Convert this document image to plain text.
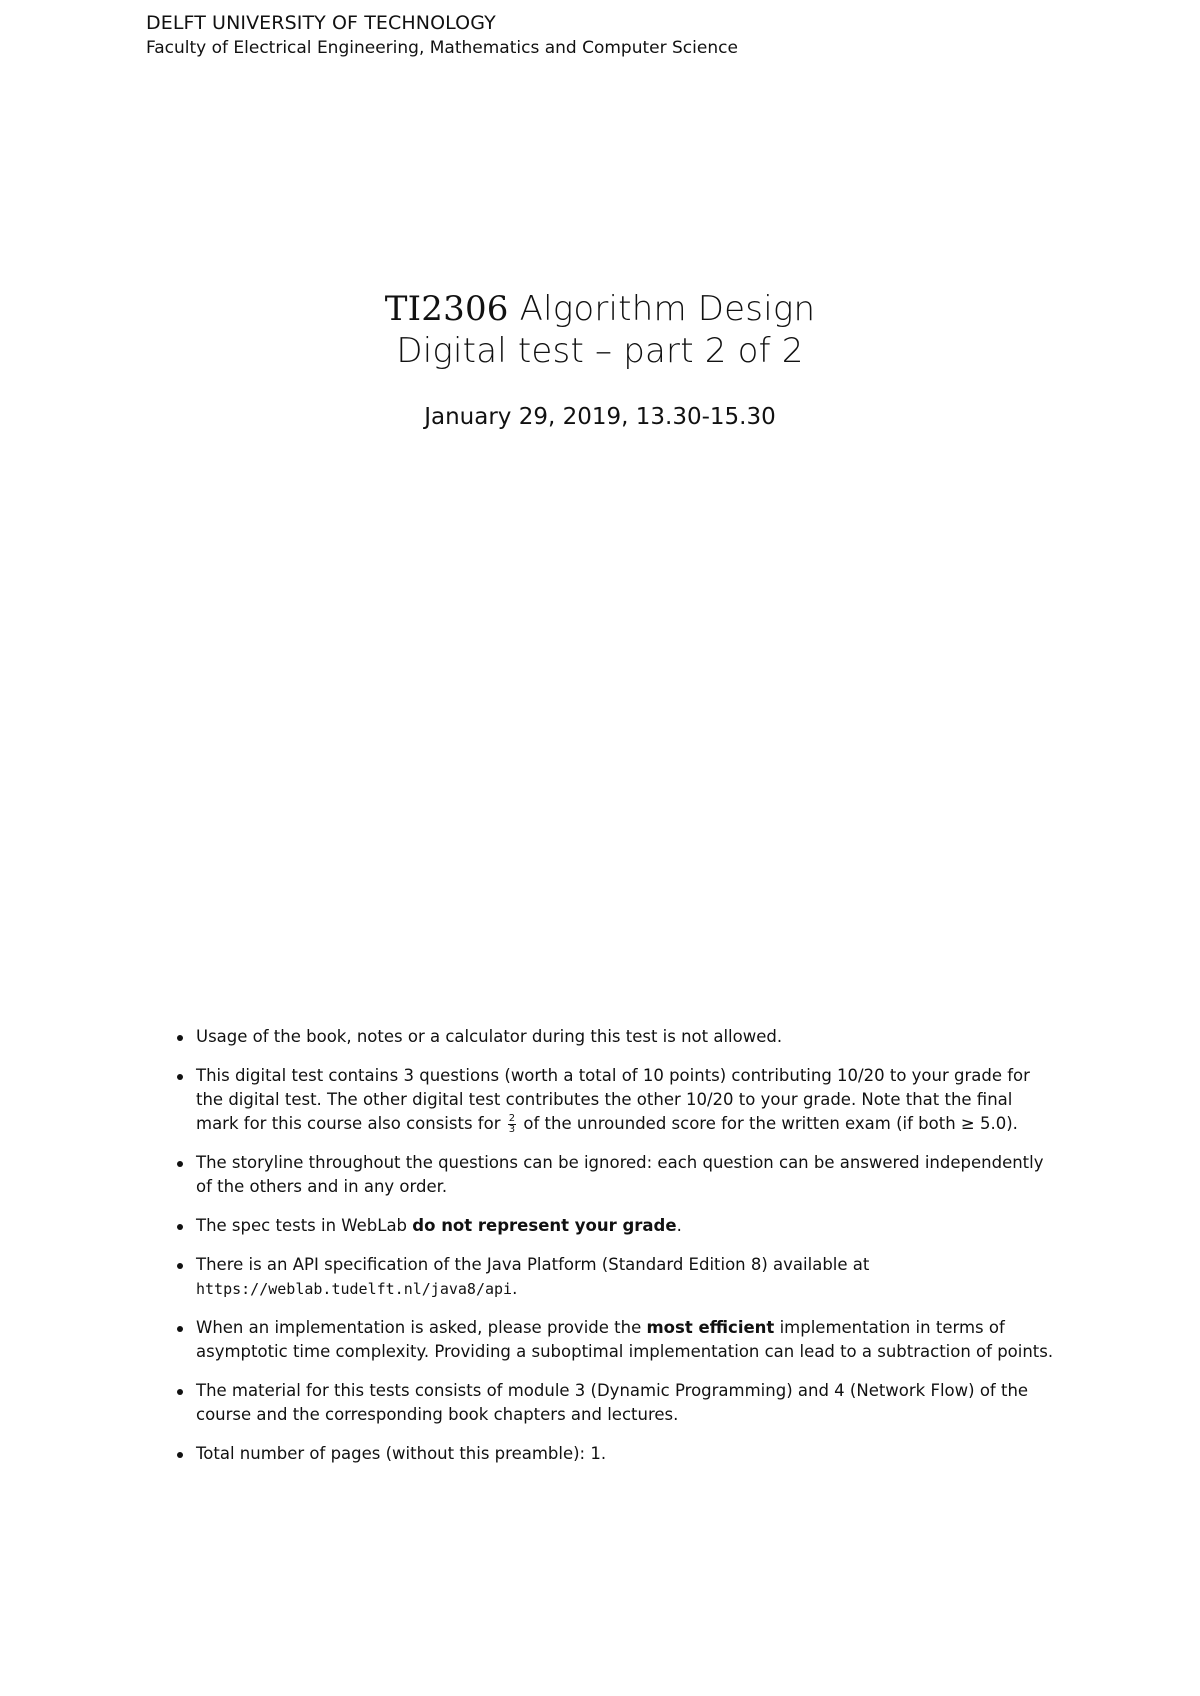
DELFT UNIVERSITY OF TECHNOLOGY
Faculty of Electrical Engineering, Mathematics and Computer Science
TI2306 Algorithm Design
Digital test – part 2 of 2
January 29, 2019, 13.30-15.30
Usage of the book, notes or a calculator during this test is not allowed.
This digital test contains 3 questions (worth a total of 10 points) contributing 10/20 to your grade for the digital test. The other digital test contributes the other 10/20 to your grade. Note that the final mark for this course also consists for $\frac{2}{3}$ of the unrounded score for the written exam (if both ≥ 5.0).
The storyline throughout the questions can be ignored: each question can be answered independently of the others and in any order.
The spec tests in WebLab do not represent your grade.
There is an API specification of the Java Platform (Standard Edition 8) available at https://weblab.tudelft.nl/java8/api.
When an implementation is asked, please provide the most efficient implementation in terms of asymptotic time complexity. Providing a suboptimal implementation can lead to a subtraction of points.
The material for this tests consists of module 3 (Dynamic Programming) and 4 (Network Flow) of the course and the corresponding book chapters and lectures.
Total number of pages (without this preamble): 1.
